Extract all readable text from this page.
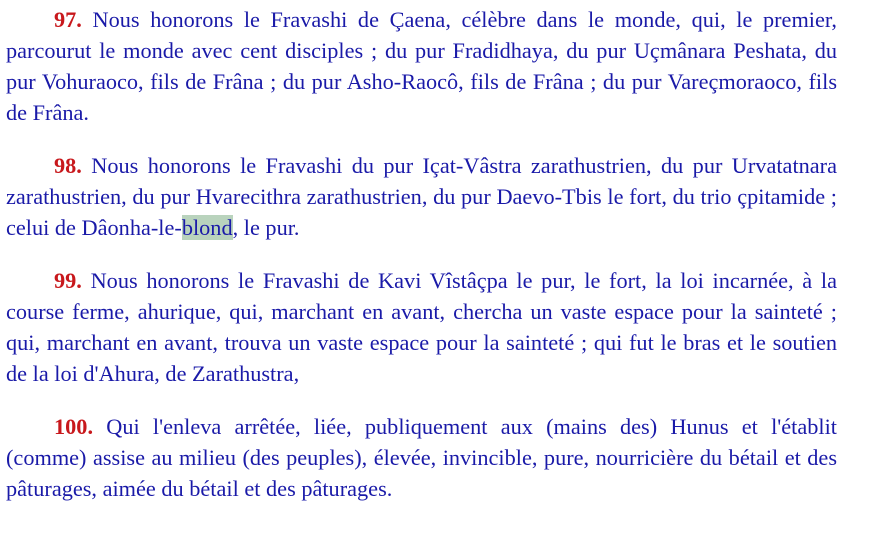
97. Nous honorons le Fravashi de Çaena, célèbre dans le monde, qui, le premier, parcourut le monde avec cent disciples ; du pur Fradidhaya, du pur Uçmânara Peshata, du pur Vohuraoco, fils de Frâna ; du pur Asho-Raocô, fils de Frâna ; du pur Vareçmoraoco, fils de Frâna.

98. Nous honorons le Fravashi du pur Içat-Vâstra zarathustrien, du pur Urvatatnara zarathustrien, du pur Hvarecithra zarathustrien, du pur Daevo-Tbis le fort, du trio çpitamide ; celui de Dâonha-le-blond, le pur.

99. Nous honorons le Fravashi de Kavi Vîstâçpa le pur, le fort, la loi incarnée, à la course ferme, ahurique, qui, marchant en avant, chercha un vaste espace pour la sainteté ; qui, marchant en avant, trouva un vaste espace pour la sainteté ; qui fut le bras et le soutien de la loi d'Ahura, de Zarathustra,

100. Qui l'enleva arrêtée, liée, publiquement aux (mains des) Hunus et l'établit (comme) assise au milieu (des peuples), élevée, invincible, pure, nourricière du bétail et des pâturages, aimée du bétail et des pâturages.
